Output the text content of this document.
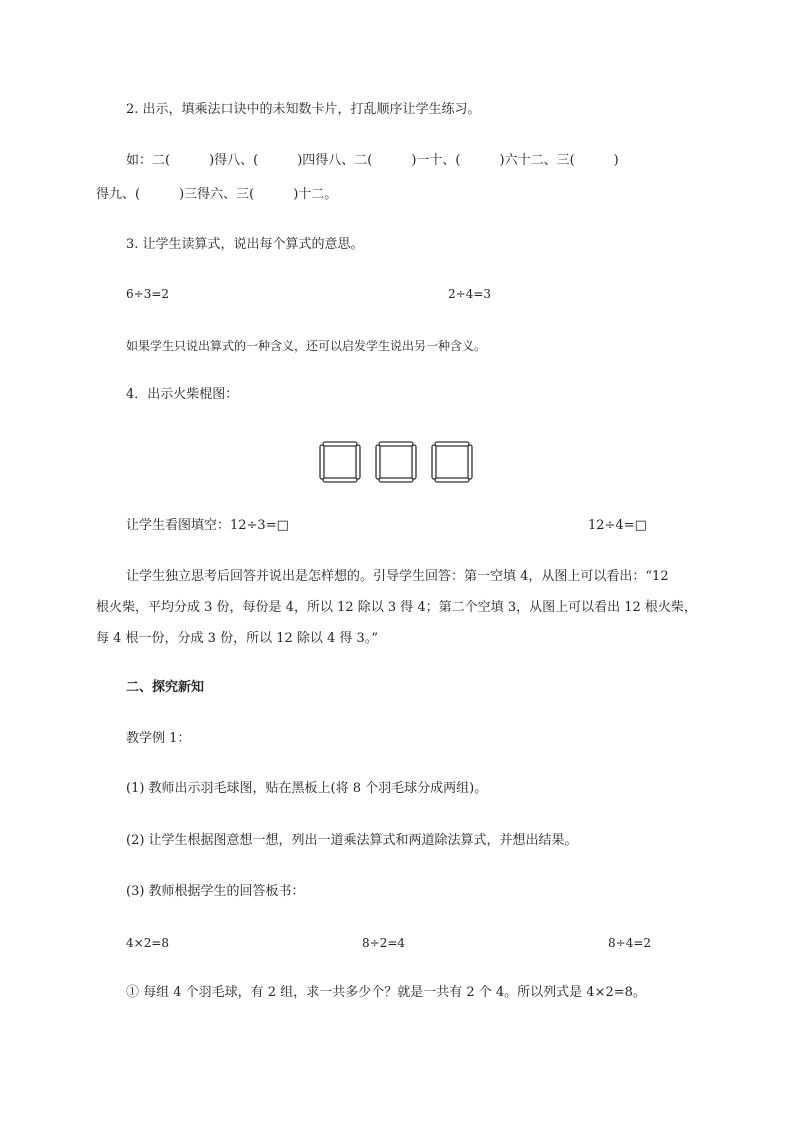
2. 出示，填乘法口诀中的未知数卡片，打乱顺序让学生练习。
如：二(　　　)得八、(　　　)四得八、二(　　　)一十、(　　　)六十二、三(　　　)
得九、(　　　)三得六、三(　　　)十二。
3. 让学生读算式，说出每个算式的意思。
6÷3=2	2÷4=3
如果学生只说出算式的一种含义，还可以启发学生说出另一种含义。
4．出示火柴棍图：
让学生看图填空：12÷3=□	12÷4=□
让学生独立思考后回答并说出是怎样想的。引导学生回答：第一空填 4，从图上可以看出：“12
根火柴，平均分成 3 份，每份是 4，所以 12 除以 3 得 4；第二个空填 3，从图上可以看出 12 根火柴，
每 4 根一份，分成 3 份，所以 12 除以 4 得 3。”
二、探究新知
教学例 1：
(1) 教师出示羽毛球图，贴在黑板上(将 8 个羽毛球分成两组)。
(2) 让学生根据图意想一想，列出一道乘法算式和两道除法算式，并想出结果。
(3) 教师根据学生的回答板书：
4×2=8	8÷2=4	8÷4=2
① 每组 4 个羽毛球，有 2 组，求一共多少个？就是一共有 2 个 4。所以列式是 4×2=8。
